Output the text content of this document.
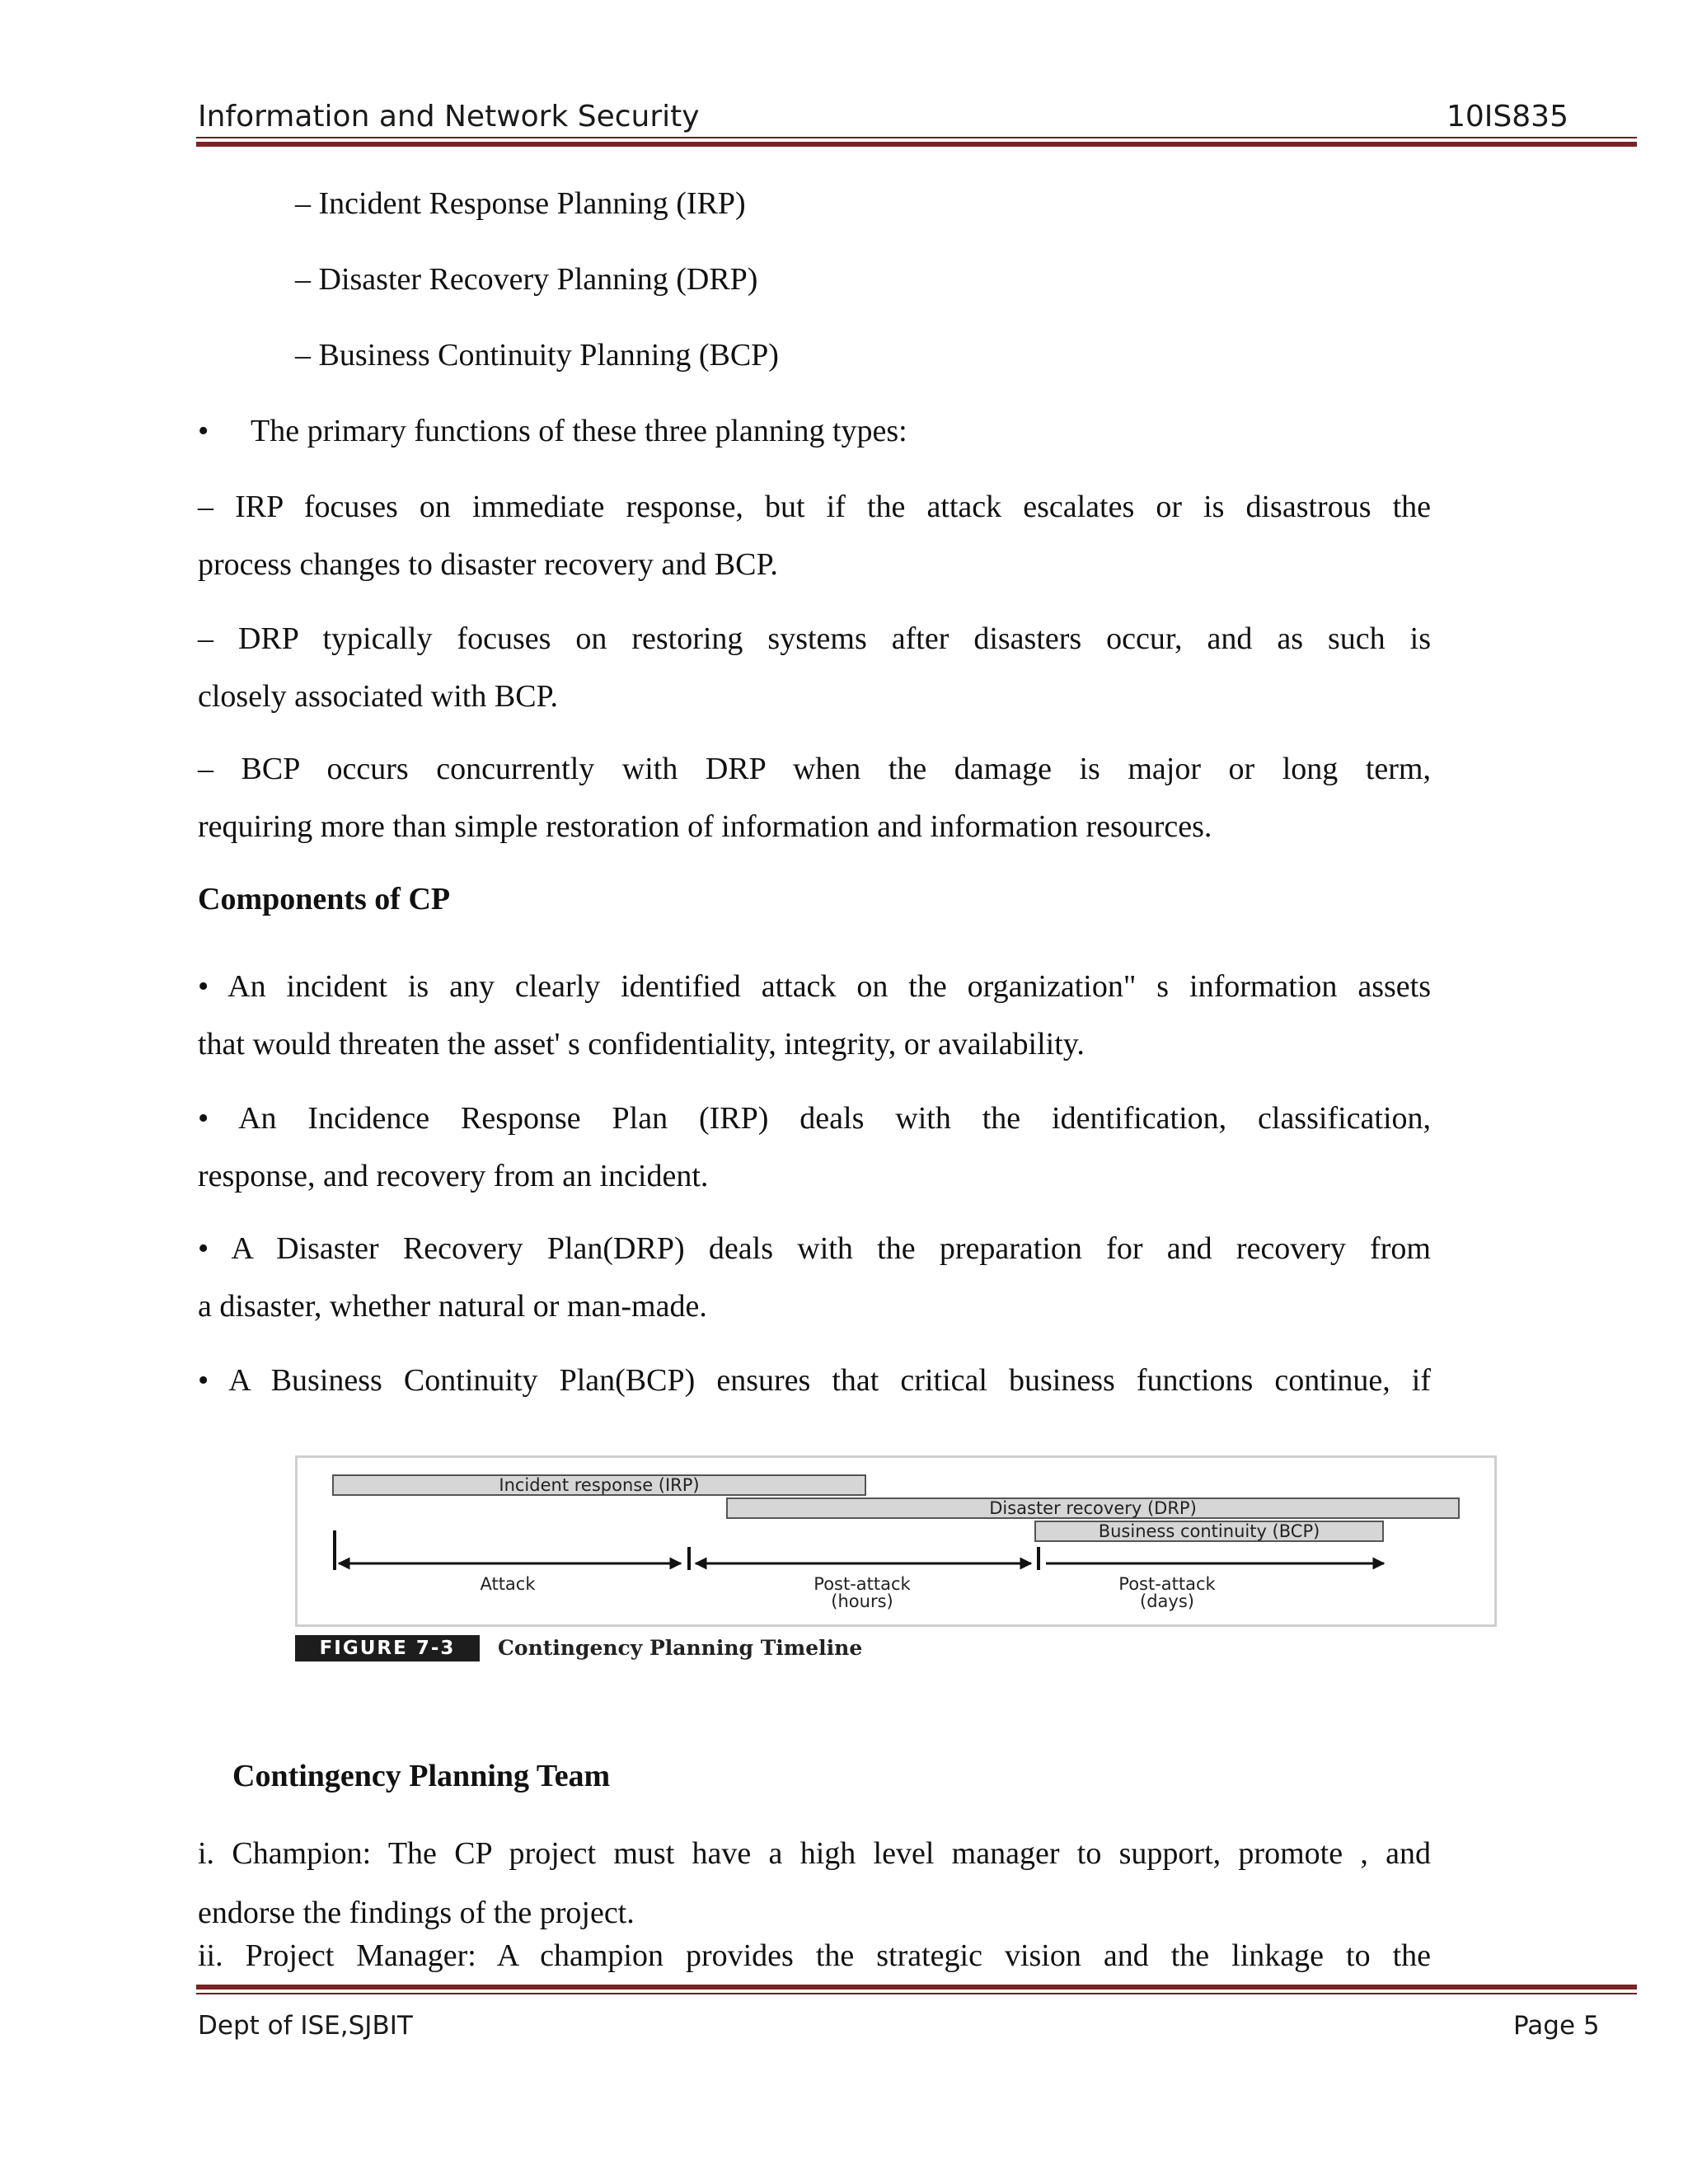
Information and Network Security	10IS835
– Incident Response Planning (IRP)
– Disaster Recovery Planning (DRP)
– Business Continuity Planning (BCP)
• The primary functions of these three planning types:
– IRP focuses on immediate response, but if the attack escalates or is disastrous the
process changes to disaster recovery and BCP.
– DRP typically focuses on restoring systems after disasters occur, and as such is
closely associated with BCP.
– BCP occurs concurrently with DRP when the damage is major or long term,
requiring more than simple restoration of information and information resources.
Components of CP
• An incident is any clearly identified attack on the organization" s information assets
that would threaten the asset' s confidentiality, integrity, or availability.
• An Incidence Response Plan (IRP) deals with the identification, classification,
response, and recovery from an incident.
• A Disaster Recovery Plan(DRP) deals with the preparation for and recovery from
a disaster, whether natural or man-made.
• A Business Continuity Plan(BCP) ensures that critical business functions continue, if
Incident response (IRP)
Disaster recovery (DRP)
Business continuity (BCP)
Attack	Post-attack
(hours)
Post-attack
(days)
FIGURE 7-3	Contingency Planning Timeline
Contingency Planning Team
i. Champion: The CP project must have a high level manager to support, promote , and
endorse the findings of the project.
ii. Project Manager: A champion provides the strategic vision and the linkage to the
Dept of ISE,SJBIT	Page 5
